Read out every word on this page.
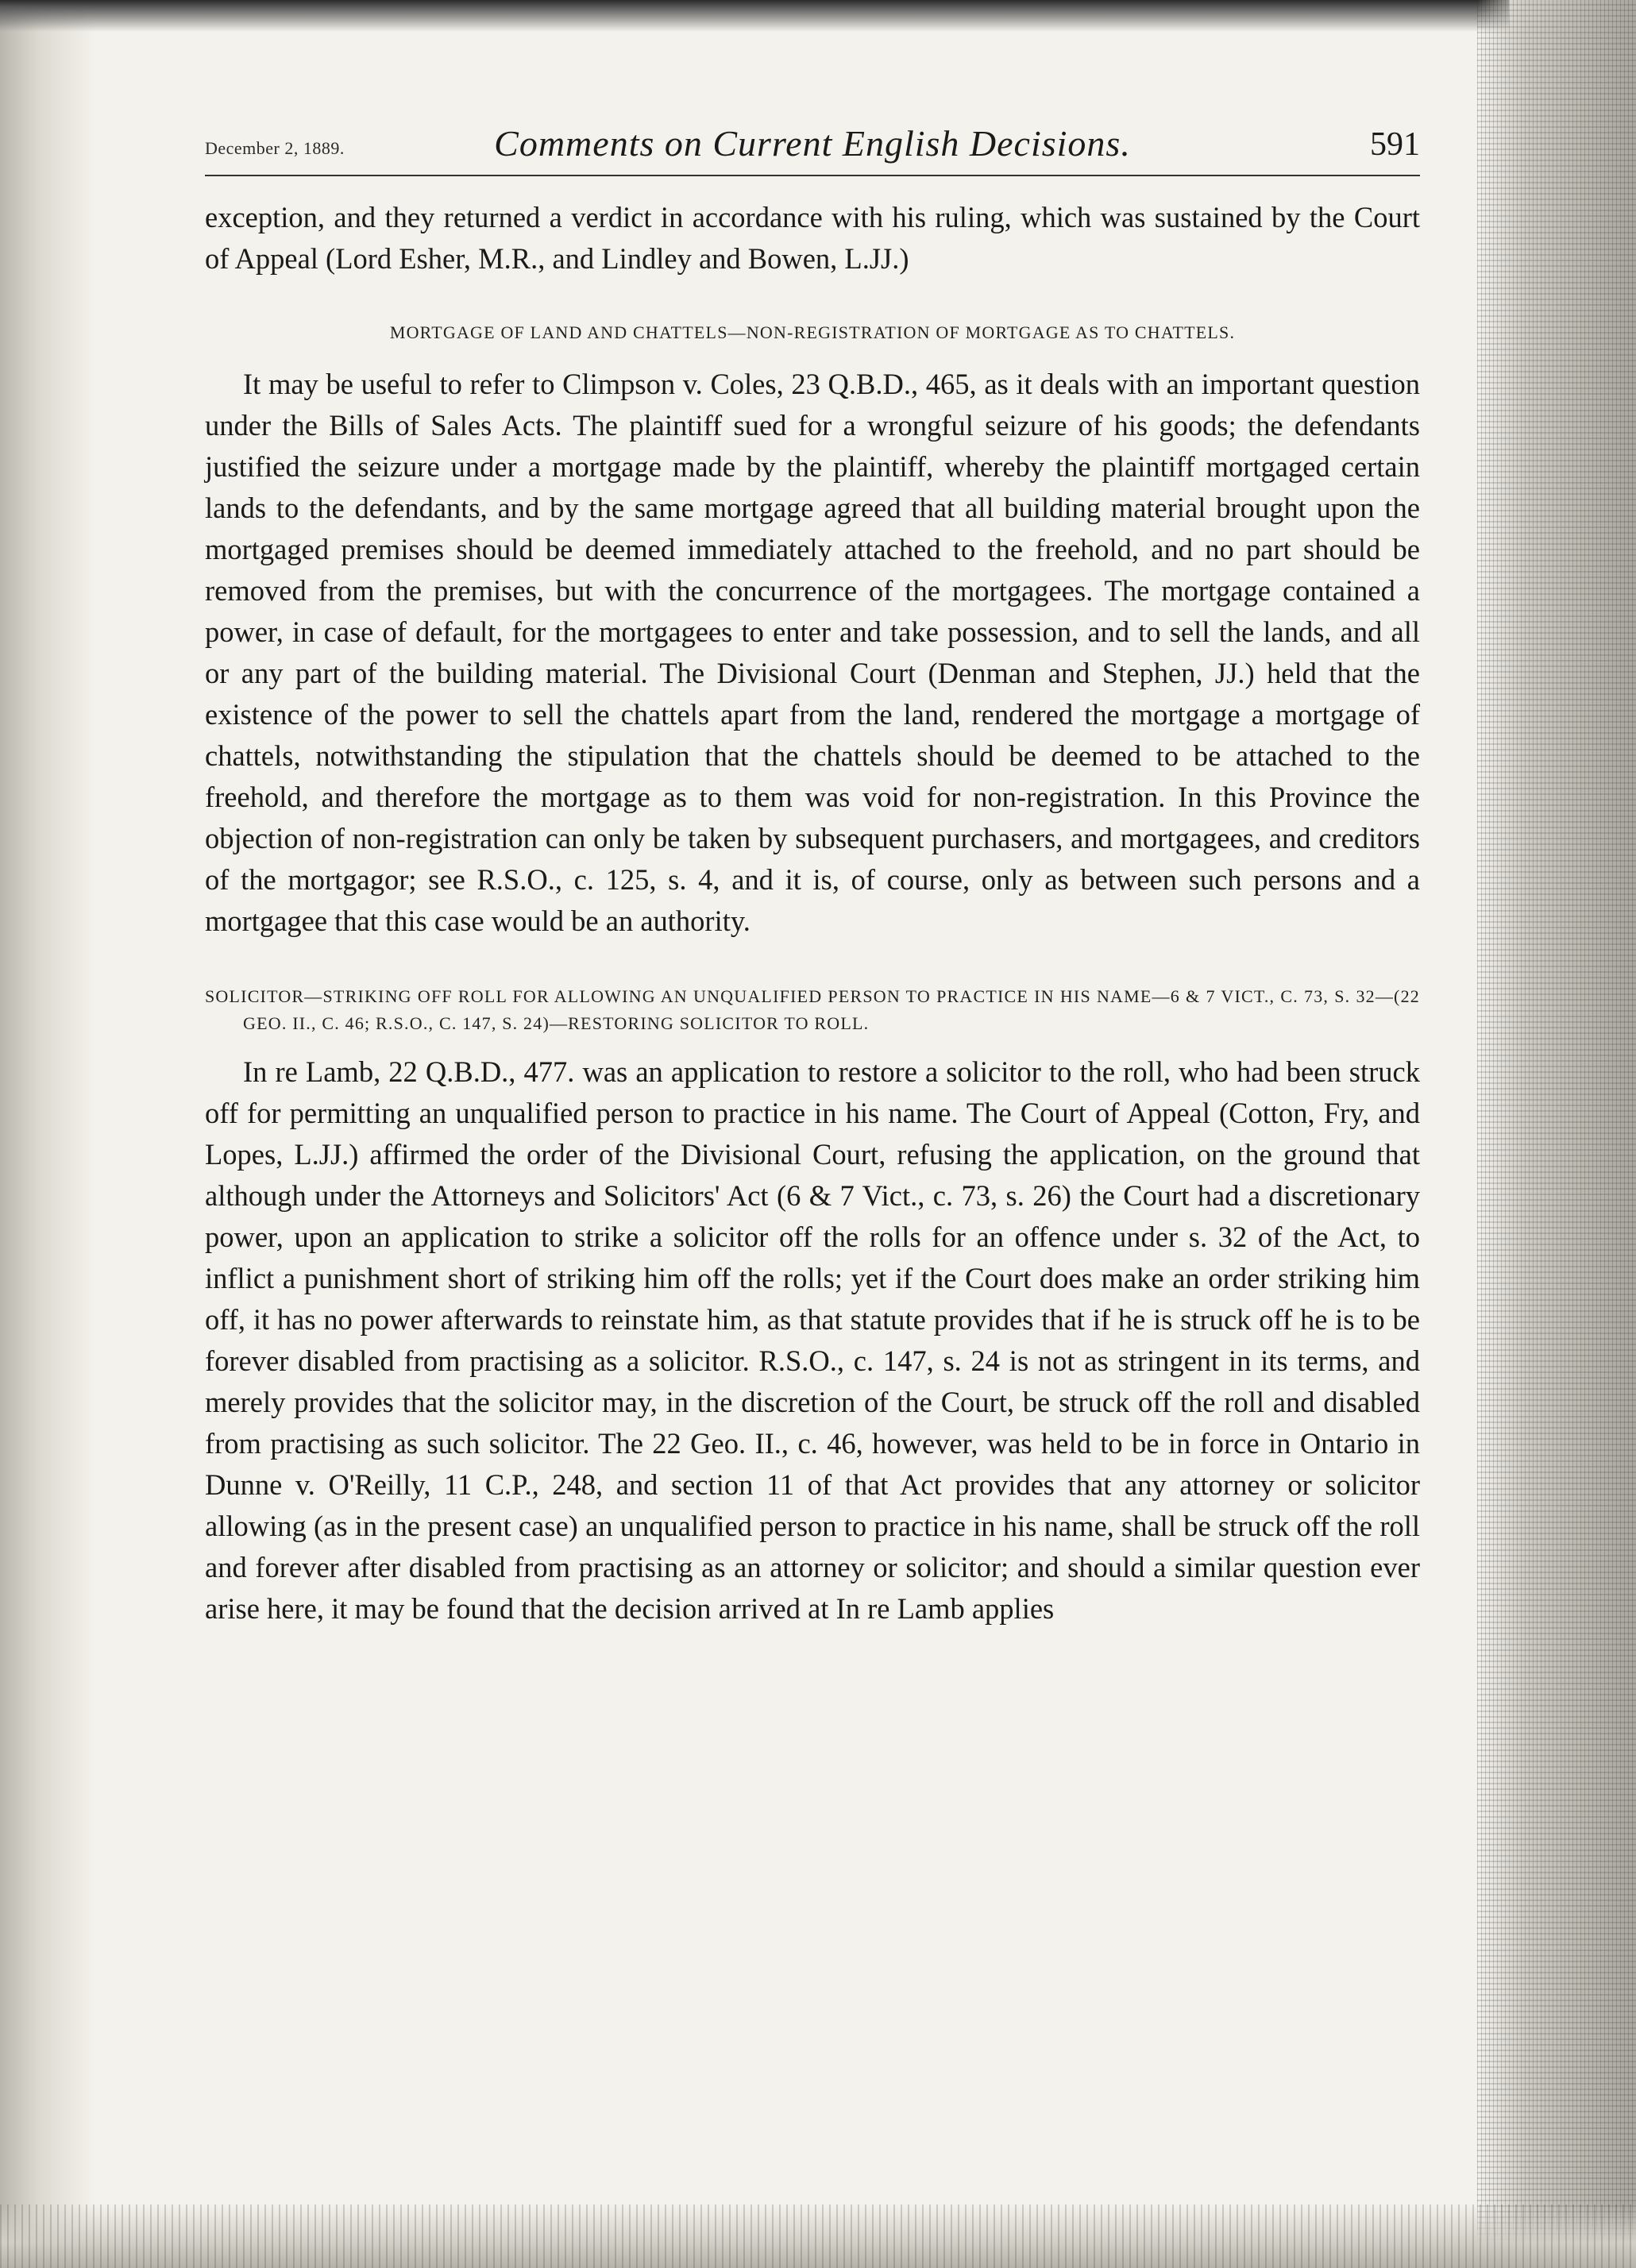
December 2, 1889.	Comments on Current English Decisions.	591

exception, and they returned a verdict in accordance with his ruling, which was sustained by the Court of Appeal (Lord Esher, M.R., and Lindley and Bowen, L.JJ.)

MORTGAGE OF LAND AND CHATTELS—NON-REGISTRATION OF MORTGAGE AS TO CHATTELS.

It may be useful to refer to Climpson v. Coles, 23 Q.B.D., 465, as it deals with an important question under the Bills of Sales Acts. The plaintiff sued for a wrongful seizure of his goods; the defendants justified the seizure under a mortgage made by the plaintiff, whereby the plaintiff mortgaged certain lands to the defendants, and by the same mortgage agreed that all building material brought upon the mortgaged premises should be deemed immediately attached to the freehold, and no part should be removed from the premises, but with the concurrence of the mortgagees. The mortgage contained a power, in case of default, for the mortgagees to enter and take possession, and to sell the lands, and all or any part of the building material. The Divisional Court (Denman and Stephen, JJ.) held that the existence of the power to sell the chattels apart from the land, rendered the mortgage a mortgage of chattels, notwithstanding the stipulation that the chattels should be deemed to be attached to the freehold, and therefore the mortgage as to them was void for non-registration. In this Province the objection of non-registration can only be taken by subsequent purchasers, and mortgagees, and creditors of the mortgagor; see R.S.O., c. 125, s. 4, and it is, of course, only as between such persons and a mortgagee that this case would be an authority.

SOLICITOR—STRIKING OFF ROLL FOR ALLOWING AN UNQUALIFIED PERSON TO PRACTICE IN HIS NAME—6 & 7 VICT., C. 73, S. 32—(22 GEO. II., C. 46; R.S.O., C. 147, S. 24)—RESTORING SOLICITOR TO ROLL.

In re Lamb, 22 Q.B.D., 477. was an application to restore a solicitor to the roll, who had been struck off for permitting an unqualified person to practice in his name. The Court of Appeal (Cotton, Fry, and Lopes, L.JJ.) affirmed the order of the Divisional Court, refusing the application, on the ground that although under the Attorneys and Solicitors' Act (6 & 7 Vict., c. 73, s. 26) the Court had a discretionary power, upon an application to strike a solicitor off the rolls for an offence under s. 32 of the Act, to inflict a punishment short of striking him off the rolls; yet if the Court does make an order striking him off, it has no power afterwards to reinstate him, as that statute provides that if he is struck off he is to be forever disabled from practising as a solicitor. R.S.O., c. 147, s. 24 is not as stringent in its terms, and merely provides that the solicitor may, in the discretion of the Court, be struck off the roll and disabled from practising as such solicitor. The 22 Geo. II., c. 46, however, was held to be in force in Ontario in Dunne v. O'Reilly, 11 C.P., 248, and section 11 of that Act provides that any attorney or solicitor allowing (as in the present case) an unqualified person to practice in his name, shall be struck off the roll and forever after disabled from practising as an attorney or solicitor; and should a similar question ever arise here, it may be found that the decision arrived at In re Lamb applies
